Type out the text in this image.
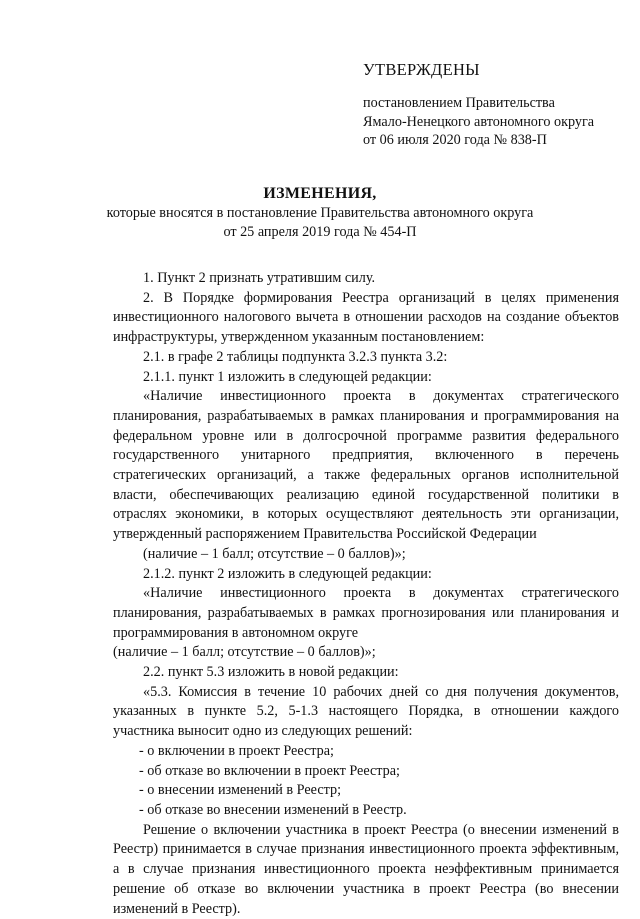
УТВЕРЖДЕНЫ
постановлением Правительства
Ямало-Ненецкого автономного округа
от 06 июля 2020 года № 838-П
ИЗМЕНЕНИЯ,
которые вносятся в постановление Правительства автономного округа
от 25 апреля 2019 года № 454-П

1. Пункт 2 признать утратившим силу.

2. В Порядке формирования Реестра организаций в целях применения инвестиционного налогового вычета в отношении расходов на создание объектов инфраструктуры, утвержденном указанным постановлением:

2.1. в графе 2 таблицы подпункта 3.2.3 пункта 3.2:

2.1.1. пункт 1 изложить в следующей редакции:

«Наличие инвестиционного проекта в документах стратегического планирования, разрабатываемых в рамках планирования и программирования на федеральном уровне или в долгосрочной программе развития федерального государственного унитарного предприятия, включенного в перечень стратегических организаций, а также федеральных органов исполнительной власти, обеспечивающих реализацию единой государственной политики в отраслях экономики, в которых осуществляют деятельность эти организации, утвержденный распоряжением Правительства Российской Федерации

(наличие – 1 балл; отсутствие – 0 баллов)»;

2.1.2. пункт 2 изложить в следующей редакции:

«Наличие инвестиционного проекта в документах стратегического планирования, разрабатываемых в рамках прогнозирования или планирования и программирования в автономном округе

(наличие – 1 балл; отсутствие – 0 баллов)»;

2.2. пункт 5.3 изложить в новой редакции:

«5.3. Комиссия в течение 10 рабочих дней со дня получения документов, указанных в пункте 5.2, 5-1.3 настоящего Порядка, в отношении каждого участника выносит одно из следующих решений:

- о включении в проект Реестра;

- об отказе во включении в проект Реестра;

- о внесении изменений в Реестр;

- об отказе во внесении изменений в Реестр.

Решение о включении участника в проект Реестра (о внесении изменений в Реестр) принимается в случае признания инвестиционного проекта эффективным, а в случае признания инвестиционного проекта неэффективным принимается решение об отказе во включении участника в проект Реестра (во внесении изменений в Реестр).
